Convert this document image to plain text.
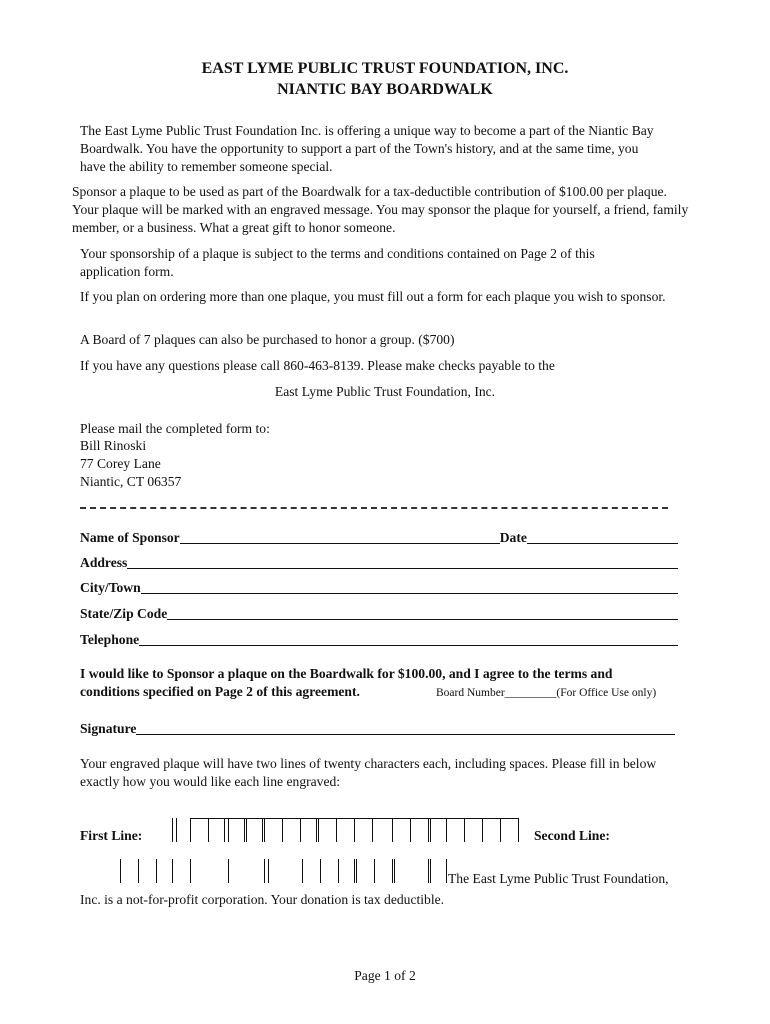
EAST LYME PUBLIC TRUST FOUNDATION, INC.
NIANTIC BAY BOARDWALK
The East Lyme Public Trust Foundation Inc. is offering a unique way to become a part of the Niantic Bay Boardwalk. You have the opportunity to support a part of the Town's history, and at the same time, you have the ability to remember someone special.
Sponsor a plaque to be used as part of the Boardwalk for a tax-deductible contribution of $100.00 per plaque. Your plaque will be marked with an engraved message. You may sponsor the plaque for yourself, a friend, family member, or a business. What a great gift to honor someone.
Your sponsorship of a plaque is subject to the terms and conditions contained on Page 2 of this application form.
If you plan on ordering more than one plaque, you must fill out a form for each plaque you wish to sponsor.
A Board of 7 plaques can also be purchased to honor a group. ($700)
If you have any questions please call 860-463-8139. Please make checks payable to the
East Lyme Public Trust Foundation, Inc.
Please mail the completed form to:
Bill Rinoski
77 Corey Lane
Niantic, CT 06357
Name of Sponsor	Date
Address
City/Town
State/Zip Code
Telephone
I would like to Sponsor a plaque on the Boardwalk for $100.00, and I agree to the terms and
conditions specified on Page 2 of this agreement.	Board Number_________(For Office Use only)
Signature
Your engraved plaque will have two lines of twenty characters each, including spaces. Please fill in below exactly how you would like each line engraved:
First Line:	Second Line:
The East Lyme Public Trust Foundation,
Inc. is a not-for-profit corporation. Your donation is tax deductible.
Page 1 of 2
